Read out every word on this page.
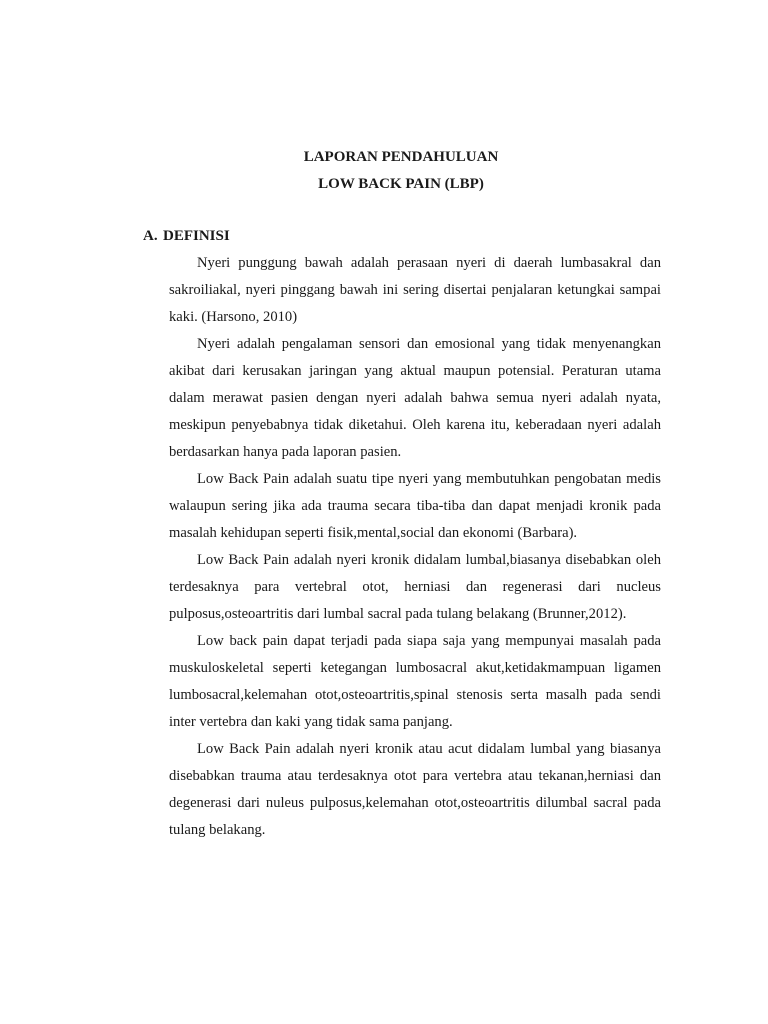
LAPORAN PENDAHULUAN
LOW BACK PAIN (LBP)
A. DEFINISI

Nyeri punggung bawah adalah perasaan nyeri di daerah lumbasakral dan sakroiliakal, nyeri pinggang bawah ini sering disertai penjalaran ketungkai sampai kaki. (Harsono, 2010)

Nyeri adalah pengalaman sensori dan emosional yang tidak menyenangkan akibat dari kerusakan jaringan yang aktual maupun potensial. Peraturan utama dalam merawat pasien dengan nyeri adalah bahwa semua nyeri adalah nyata, meskipun penyebabnya tidak diketahui. Oleh karena itu, keberadaan nyeri adalah berdasarkan hanya pada laporan pasien.

Low Back Pain adalah suatu tipe nyeri yang membutuhkan pengobatan medis walaupun sering jika ada trauma secara tiba-tiba dan dapat menjadi kronik pada masalah kehidupan seperti fisik,mental,social dan ekonomi (Barbara).

Low Back Pain adalah nyeri kronik didalam lumbal,biasanya disebabkan oleh terdesaknya para vertebral otot, herniasi dan regenerasi dari nucleus pulposus,osteoartritis dari lumbal sacral pada tulang belakang (Brunner,2012).

Low back pain dapat terjadi pada siapa saja yang mempunyai masalah pada muskuloskeletal seperti ketegangan lumbosacral akut,ketidakmampuan ligamen lumbosacral,kelemahan otot,osteoartritis,spinal stenosis serta masalh pada sendi inter vertebra dan kaki yang tidak sama panjang.

Low Back Pain adalah nyeri kronik atau acut didalam lumbal yang biasanya disebabkan trauma atau terdesaknya otot para vertebra atau tekanan,herniasi dan degenerasi dari nuleus pulposus,kelemahan otot,osteoartritis dilumbal sacral pada tulang belakang.
